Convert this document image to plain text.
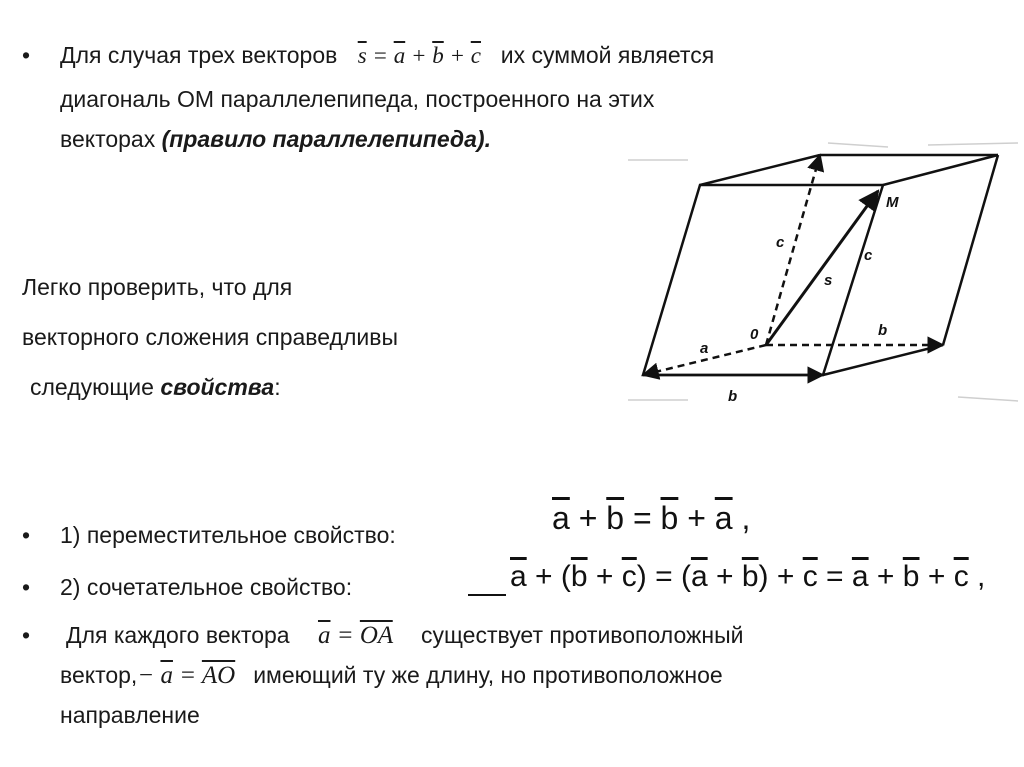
• Для случая трех векторов $\overline{s} = \overline{a} + \overline{b} + \overline{c}$ их суммой является
диагональ ОМ параллелепипеда, построенного на этих
векторах (правило параллелепипеда).
Легко проверить, что для
векторного сложения справедливы
следующие свойства:
M
c
c
s
0	b
a
b
• 1) переместительное свойство:	$\overline{a} + \overline{b} = \overline{b} + \overline{a}$ ,
• 2) сочетательное свойство:	$\overline{a} + (\overline{b} + \overline{c}) = (\overline{a} + \overline{b}) + \overline{c} = \overline{a} + \overline{b} + \overline{c}$ ,
• Для каждого вектора $\overline{a} = \overline{OA}$ существует противоположный
вектор,− $\overline{a} = \overline{AO}$ имеющий ту же длину, но противоположное
направление
